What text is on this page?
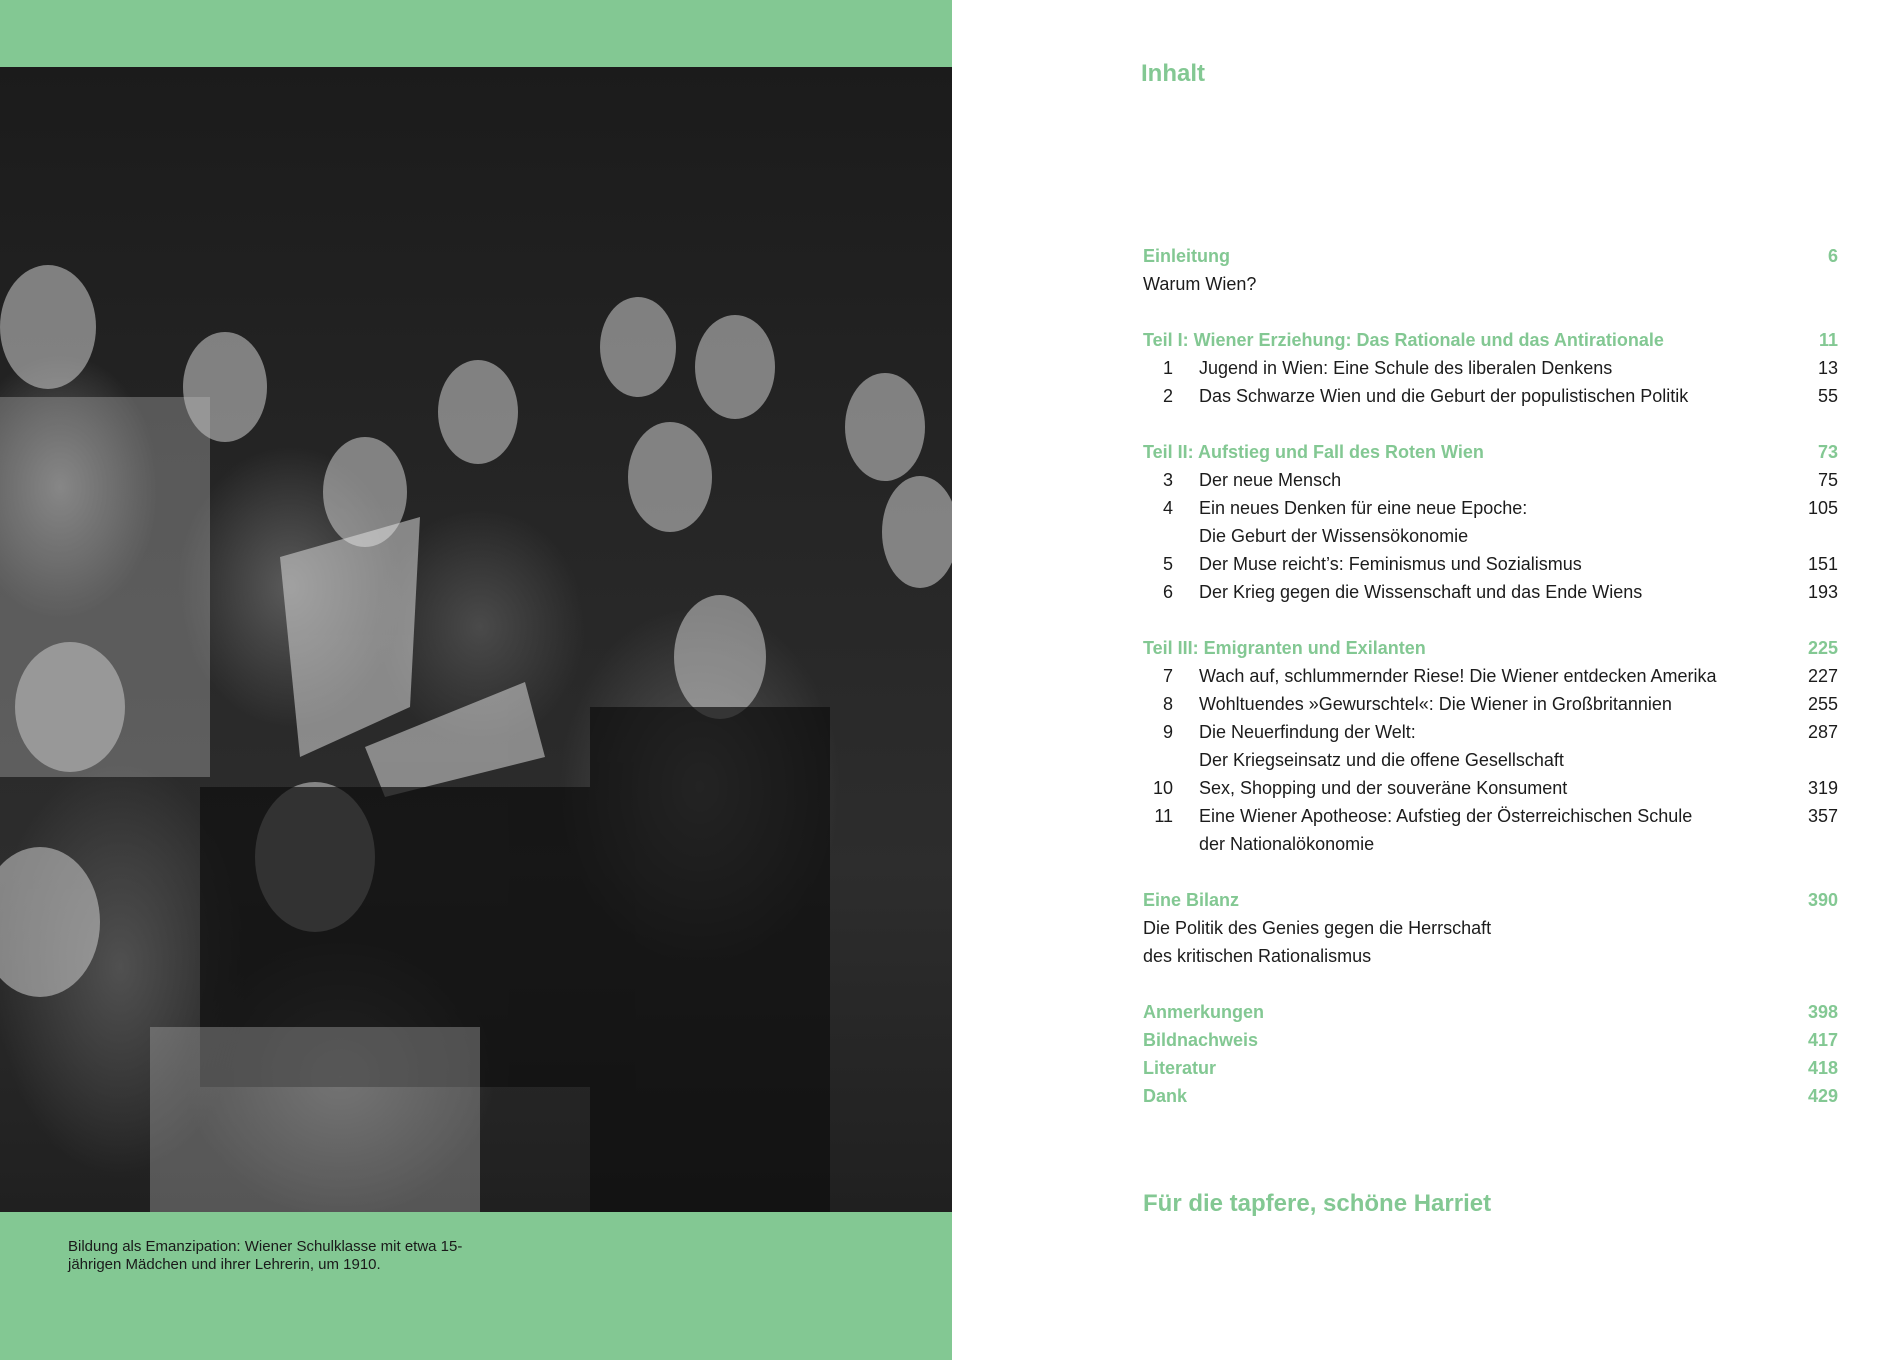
Bildung als Emanzipation: Wiener Schulklasse mit etwa 15-jährigen Mädchen und ihrer Lehrerin, um 1910.
Inhalt
Einleitung	6
Warum Wien?
Teil I: Wiener Erziehung: Das Rationale und das Antirationale	11
1 Jugend in Wien: Eine Schule des liberalen Denkens	13
2 Das Schwarze Wien und die Geburt der populistischen Politik	55
Teil II: Aufstieg und Fall des Roten Wien	73
3 Der neue Mensch	75
4 Ein neues Denken für eine neue Epoche:	105
Die Geburt der Wissensökonomie
5 Der Muse reicht’s: Feminismus und Sozialismus	151
6 Der Krieg gegen die Wissenschaft und das Ende Wiens	193
Teil III: Emigranten und Exilanten	225
7 Wach auf, schlummernder Riese! Die Wiener entdecken Amerika	227
8 Wohltuendes »Gewurschtel«: Die Wiener in Großbritannien	255
9 Die Neuerfindung der Welt:	287
Der Kriegseinsatz und die offene Gesellschaft
10 Sex, Shopping und der souveräne Konsument	319
11 Eine Wiener Apotheose: Aufstieg der Österreichischen Schule	357
der Nationalökonomie
Eine Bilanz	390
Die Politik des Genies gegen die Herrschaft
des kritischen Rationalismus
Anmerkungen	398
Bildnachweis	417
Literatur	418
Dank	429
Für die tapfere, schöne Harriet
